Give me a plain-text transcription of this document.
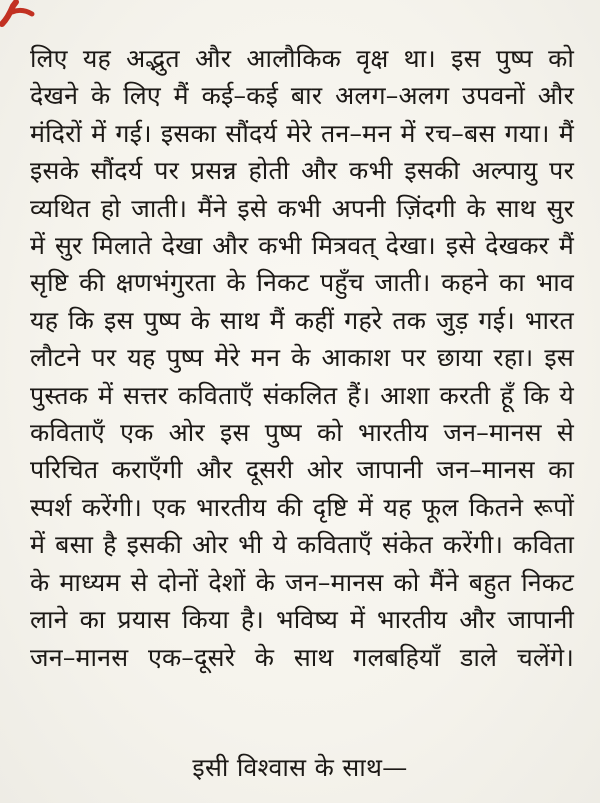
लिए यह अद्भुत और आलौकिक वृक्ष था। इस पुष्प को
देखने के लिए मैं कई–कई बार अलग–अलग उपवनों और
मंदिरों में गई। इसका सौंदर्य मेरे तन–मन में रच–बस गया। मैं
इसके सौंदर्य पर प्रसन्न होती और कभी इसकी अल्पायु पर
व्यथित हो जाती। मैंने इसे कभी अपनी ज़िंदगी के साथ सुर
में सुर मिलाते देखा और कभी मित्रवत् देखा। इसे देखकर मैं
सृष्टि की क्षणभंगुरता के निकट पहुँच जाती। कहने का भाव
यह कि इस पुष्प के साथ मैं कहीं गहरे तक जुड़ गई। भारत
लौटने पर यह पुष्प मेरे मन के आकाश पर छाया रहा। इस
पुस्तक में सत्तर कविताएँ संकलित हैं। आशा करती हूँ कि ये
कविताएँ एक ओर इस पुष्प को भारतीय जन–मानस से
परिचित कराएँगी और दूसरी ओर जापानी जन–मानस का
स्पर्श करेंगी। एक भारतीय की दृष्टि में यह फूल कितने रूपों
में बसा है इसकी ओर भी ये कविताएँ संकेत करेंगी। कविता
के माध्यम से दोनों देशों के जन–मानस को मैंने बहुत निकट
लाने का प्रयास किया है। भविष्य में भारतीय और जापानी
जन–मानस एक–दूसरे के साथ गलबहियाँ डाले चलेंगे।
इसी विश्वास के साथ—
